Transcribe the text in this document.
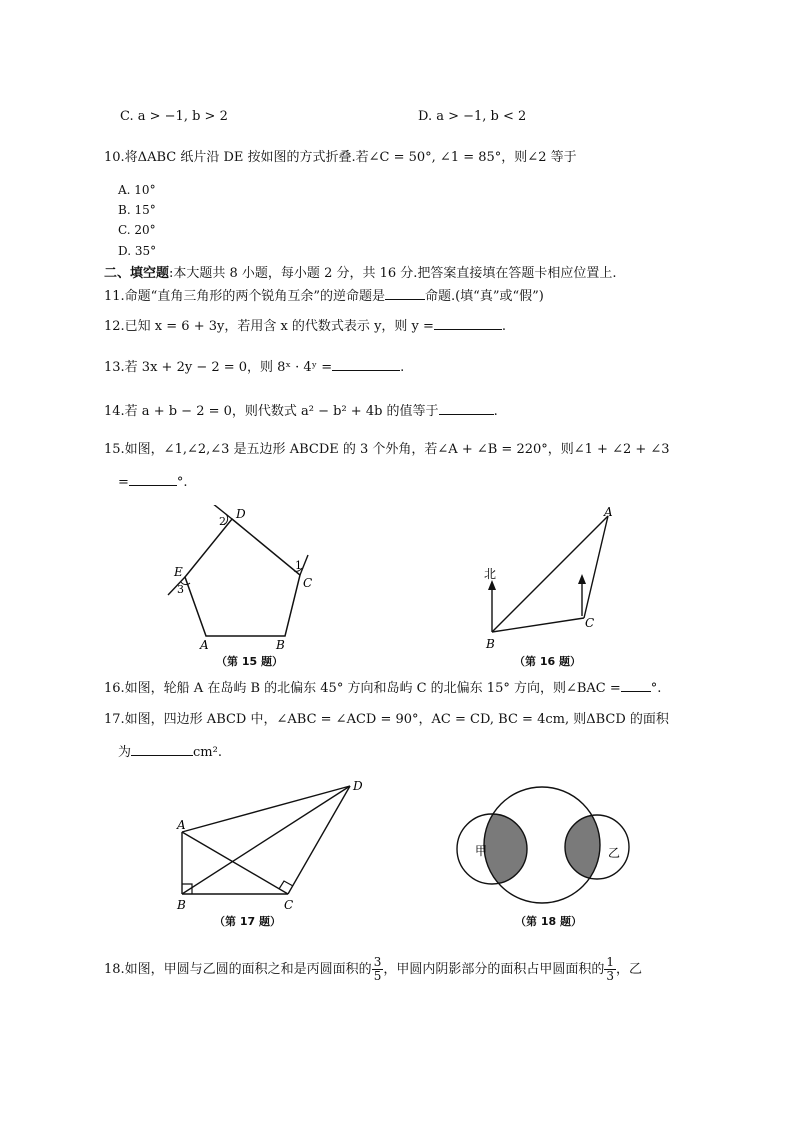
C. a > −1, b > 2	D. a > −1, b < 2
10.将ΔABC 纸片沿 DE 按如图的方式折叠.若∠C = 50°, ∠1 = 85°，则∠2 等于
A. 10°
B. 15°
C. 20°
D. 35°
二、填空题:本大题共 8 小题，每小题 2 分，共 16 分.把答案直接填在答题卡相应位置上.
11.命题“直角三角形的两个锐角互余”的逆命题是	命题.(填“真”或“假”)
12.已知 x = 6 + 3y，若用含 x 的代数式表示 y，则 y =	.
13.若 3x + 2y − 2 = 0，则 8ˣ · 4ʸ =	.
14.若 a + b − 2 = 0，则代数式 a² − b² + 4b 的值等于	.
15.如图，∠1,∠2,∠3 是五边形 ABCDE 的 3 个外角，若∠A + ∠B = 220°，则∠1 + ∠2 + ∠3
=	°.
D
2
1
C
E
3
A	B
（第 15 题）
A
北
C
B
（第 16 题）
16.如图，轮船 A 在岛屿 B 的北偏东 45° 方向和岛屿 C 的北偏东 15° 方向，则∠BAC = °.
17.如图，四边形 ABCD 中，∠ABC = ∠ACD = 90°，AC = CD, BC = 4cm, 则ΔBCD 的面积
为	cm².
D
A
B	C
（第 17 题）
甲	乙
（第 18 题）
18.如图，甲圆与乙圆的面积之和是丙圆面积的 $\frac{3}{5}$ ，甲圆内阴影部分的面积占甲圆面积的 $\frac{1}{3}$ ，乙
